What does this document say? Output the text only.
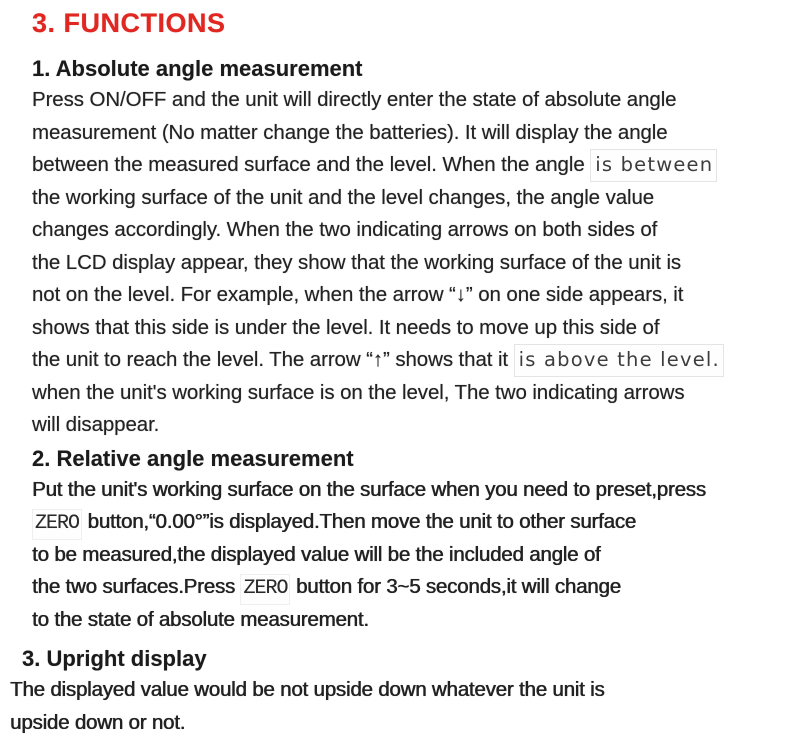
3. FUNCTIONS
1. Absolute angle measurement
Press ON/OFF and the unit will directly enter the state of absolute angle
measurement (No matter change the batteries). It will display the angle
between the measured surface and the level. When the angle is between
the working surface of the unit and the level changes, the angle value
changes accordingly. When the two indicating arrows on both sides of
the LCD display appear, they show that the working surface of the unit is
not on the level. For example, when the arrow “↓” on one side appears, it
shows that this side is under the level. It needs to move up this side of
the unit to reach the level. The arrow “↑” shows that it is above the level.
when the unit's working surface is on the level, The two indicating arrows
will disappear.
2. Relative angle measurement
Put the unit's working surface on the surface when you need to preset,press
ZERO button,“0.00°”is displayed.Then move the unit to other surface
to be measured,the displayed value will be the included angle of
the two surfaces.Press ZERO button for 3~5 seconds,it will change
to the state of absolute measurement.
3. Upright display
The displayed value would be not upside down whatever the unit is
upside down or not.
